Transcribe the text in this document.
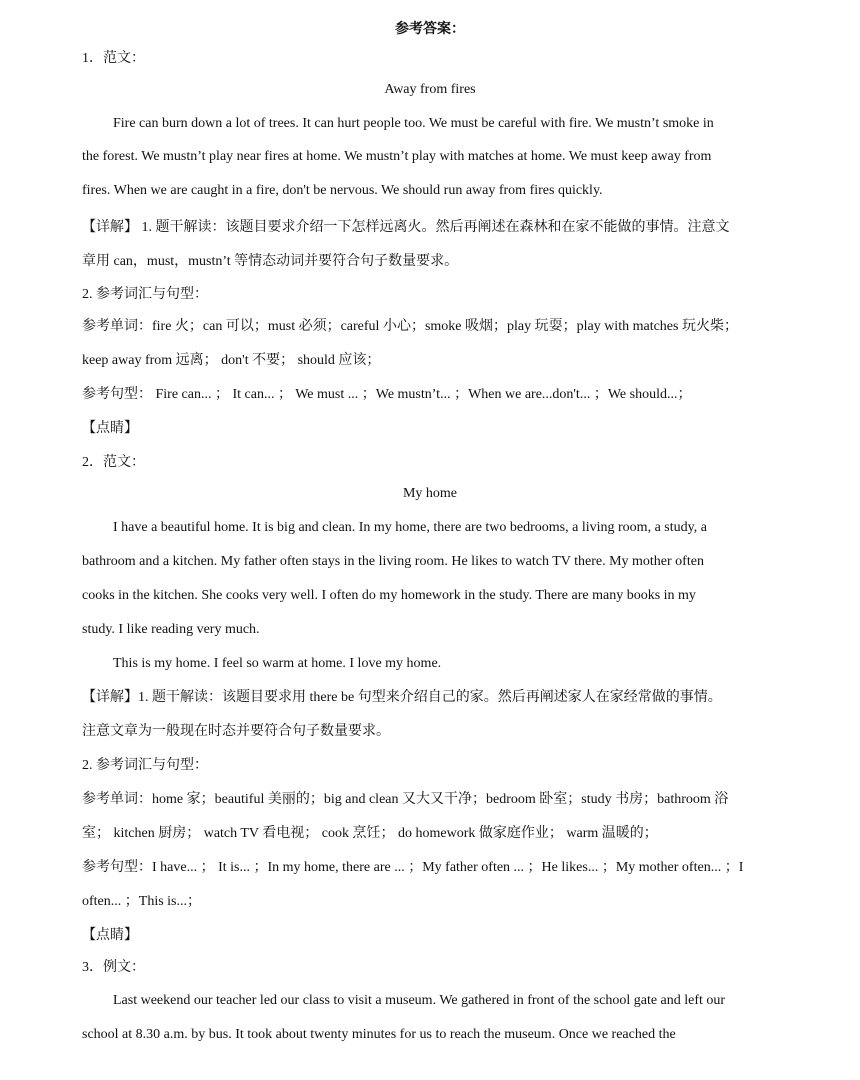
参考答案：
1．范文：
Away from fires
Fire can burn down a lot of trees. It can hurt people too. We must be careful with fire. We mustn’t smoke in
the forest. We mustn’t play near fires at home. We mustn’t play with matches at home. We must keep away from
fires. When we are caught in a fire, don't be nervous. We should run away from fires quickly.
【详解】 1. 题干解读：该题目要求介绍一下怎样远离火。然后再阐述在森林和在家不能做的事情。注意文
章用 can，must，mustn’t 等情态动词并要符合句子数量要求。
2. 参考词汇与句型：
参考单词：fire 火；can 可以；must 必须；careful 小心；smoke 吸烟；play 玩耍；play with matches 玩火柴；
keep away from 远离； don't 不要； should 应该；
参考句型： Fire can... ； It can... ； We must ... ；We mustn’t... ；When we are...don't... ；We should...；
【点睛】
2．范文：
My home
I have a beautiful home. It is big and clean. In my home, there are two bedrooms, a living room, a study, a
bathroom and a kitchen. My father often stays in the living room. He likes to watch TV there. My mother often
cooks in the kitchen. She cooks very well. I often do my homework in the study. There are many books in my
study. I like reading very much.
This is my home. I feel so warm at home. I love my home.
【详解】1. 题干解读：该题目要求用 there be 句型来介绍自己的家。然后再阐述家人在家经常做的事情。
注意文章为一般现在时态并要符合句子数量要求。
2. 参考词汇与句型：
参考单词：home 家；beautiful 美丽的；big and clean 又大又干净；bedroom 卧室；study 书房；bathroom 浴
室； kitchen 厨房； watch TV 看电视； cook 烹饪； do homework 做家庭作业； warm 温暖的；
参考句型：I have... ； It is... ；In my home, there are ... ；My father often ... ；He likes... ；My mother often... ；I
often... ；This is...；
【点睛】
3．例文：
Last weekend our teacher led our class to visit a museum. We gathered in front of the school gate and left our
school at 8.30 a.m. by bus. It took about twenty minutes for us to reach the museum. Once we reached the
